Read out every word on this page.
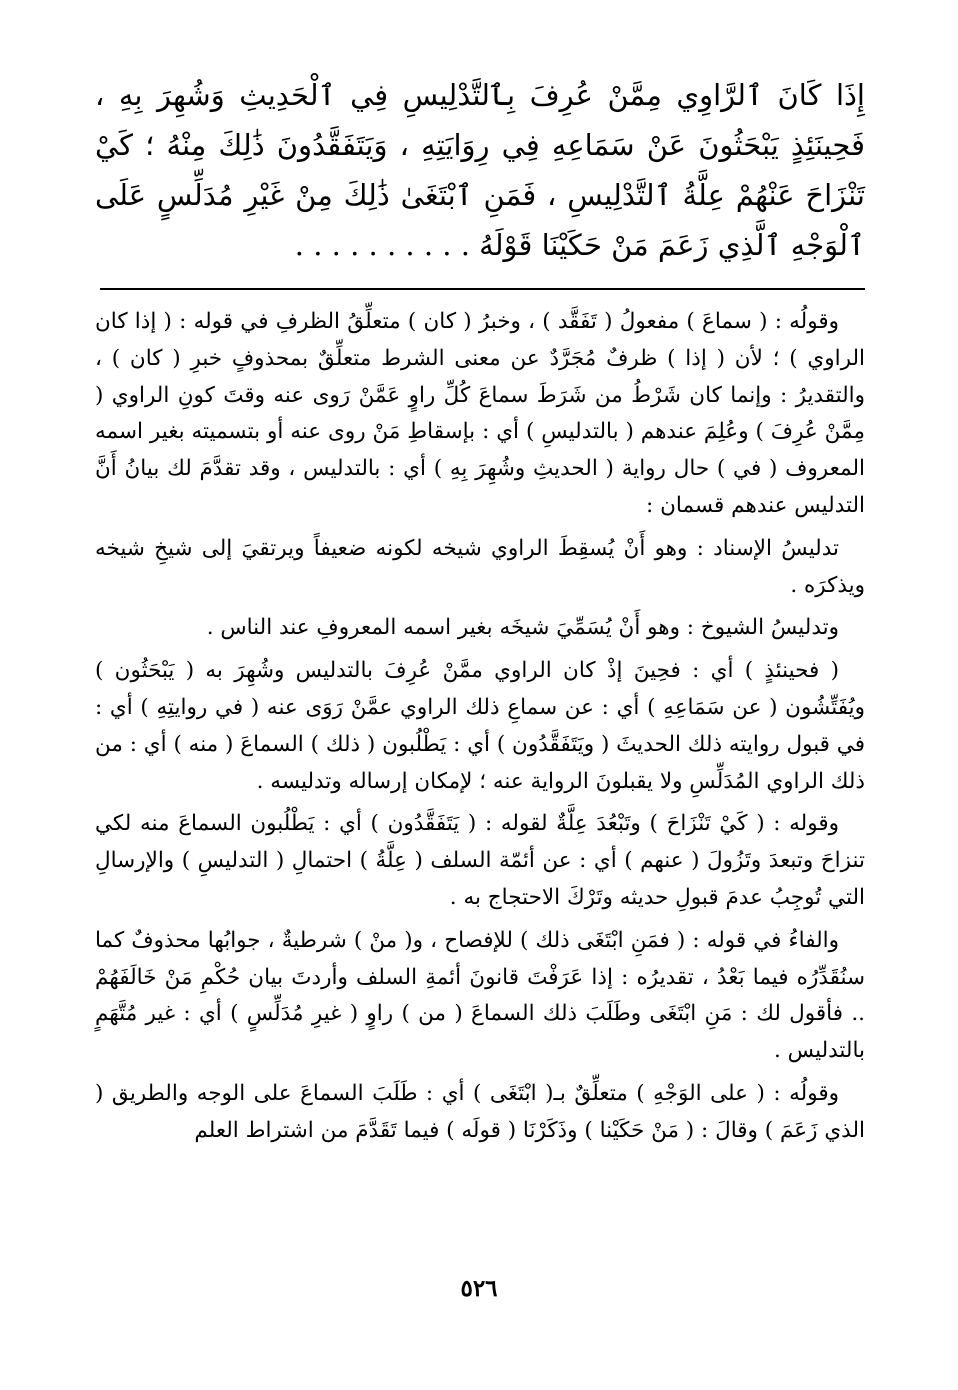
إِذَا كَانَ ٱلرَّاوِي مِمَّنْ عُرِفَ بِٱلتَّدْلِيسِ فِي ٱلْحَدِيثِ وَشُهِرَ بِهِ ، فَحِينَئِذٍ يَبْحَثُونَ عَنْ سَمَاعِهِ فِي رِوَايَتِهِ ، وَيَتَفَقَّدُونَ ذَٰلِكَ مِنْهُ ؛ كَيْ تَنْزَاحَ عَنْهُمْ عِلَّةُ ٱلتَّدْلِيسِ ، فَمَنِ ٱبْتَغَىٰ ذَٰلِكَ مِنْ غَيْرِ مُدَلِّسٍ عَلَى ٱلْوَجْهِ ٱلَّذِي زَعَمَ مَنْ حَكَيْنَا قَوْلَهُ . . . . . . . . . .

وقولُه : ( سماعَ ) مفعولُ ( تَفَقَّد ) ، وخبرُ ( كان ) متعلِّقُ الظرفِ في قوله : ( إذا كان الراوي ) ؛ لأن ( إذا ) ظرفٌ مُجَرَّدٌ عن معنى الشرط متعلِّقٌ بمحذوفٍ خبرِ ( كان ) ، والتقديرُ : وإنما كان شَرْطُ من شَرَطَ سماعَ كُلِّ راوٍ عَمَّنْ رَوى عنه وقتَ كونِ الراوي ( مِمَّنْ عُرِفَ ) وعُلِمَ عندهم ( بالتدليسِ ) أي : بإسقاطِ مَنْ روى عنه أو بتسميته بغير اسمه المعروف ( في ) حال رواية ( الحديثِ وشُهِرَ بِهِ ) أي : بالتدليس ، وقد تقدَّمَ لك بيانُ أَنَّ التدليس عندهم قسمان :

تدليسُ الإسناد : وهو أَنْ يُسقِطَ الراوي شيخه لكونه ضعيفاً ويرتقيَ إلى شيخِ شيخه ويذكرَه .

وتدليسُ الشيوخ : وهو أَنْ يُسَمِّيَ شيخَه بغير اسمه المعروفِ عند الناس .

( فحينئذٍ ) أي : فحِينَ إذْ كان الراوي ممَّنْ عُرِفَ بالتدليس وشُهِرَ به ( يَبْحَثُون ) ويُفَتِّشُون ( عن سَمَاعِهِ ) أي : عن سماعِ ذلك الراوي عمَّنْ رَوَى عنه ( في روايتِهِ ) أي : في قبول روايته ذلك الحديثَ ( ويَتَفَقَّدُون ) أي : يَطْلُبون ( ذلك ) السماعَ ( منه ) أي : من ذلك الراوي المُدَلِّسِ ولا يقبلونَ الرواية عنه ؛ لإمكان إرساله وتدليسه .

وقوله : ( كَيْ تَنْزَاحَ ) وتَبْعُدَ عِلَّةٌ لقوله : ( يَتَفَقَّدُون ) أي : يَطْلُبون السماعَ منه لكي تنزاحَ وتبعدَ وتَزُولَ ( عنهم ) أي : عن أئمّة السلف ( عِلَّةُ ) احتمالِ ( التدليسِ ) والإرسالِ التي تُوجِبُ عدمَ قبولِ حديثه وتَرْكَ الاحتجاج به .

والفاءُ في قوله : ( فمَنِ ابْتَغَى ذلك ) للإفصاح ، و( منْ ) شرطيةٌ ، جوابُها محذوفٌ كما سنُقَدِّرُه فيما بَعْدُ ، تقديرُه : إذا عَرَفْتَ قانونَ أئمةِ السلف وأردتَ بيان حُكْمِ مَنْ خَالَفَهُمْ .. فأقول لك : مَنِ ابْتَغَى وطَلَبَ ذلك السماعَ ( من ) راوٍ ( غيرِ مُدَلِّسٍ ) أي : غير مُتَّهَمٍ بالتدليس .

وقولُه : ( على الوَجْهِ ) متعلِّقٌ بـ( ابْتَغَى ) أي : طَلَبَ السماعَ على الوجه والطريق ( الذي زَعَمَ ) وقالَ : ( مَنْ حَكَيْنا ) وذَكَرْنَا ( قولَه ) فيما تَقَدَّمَ من اشتراط العلم

٥٢٦
